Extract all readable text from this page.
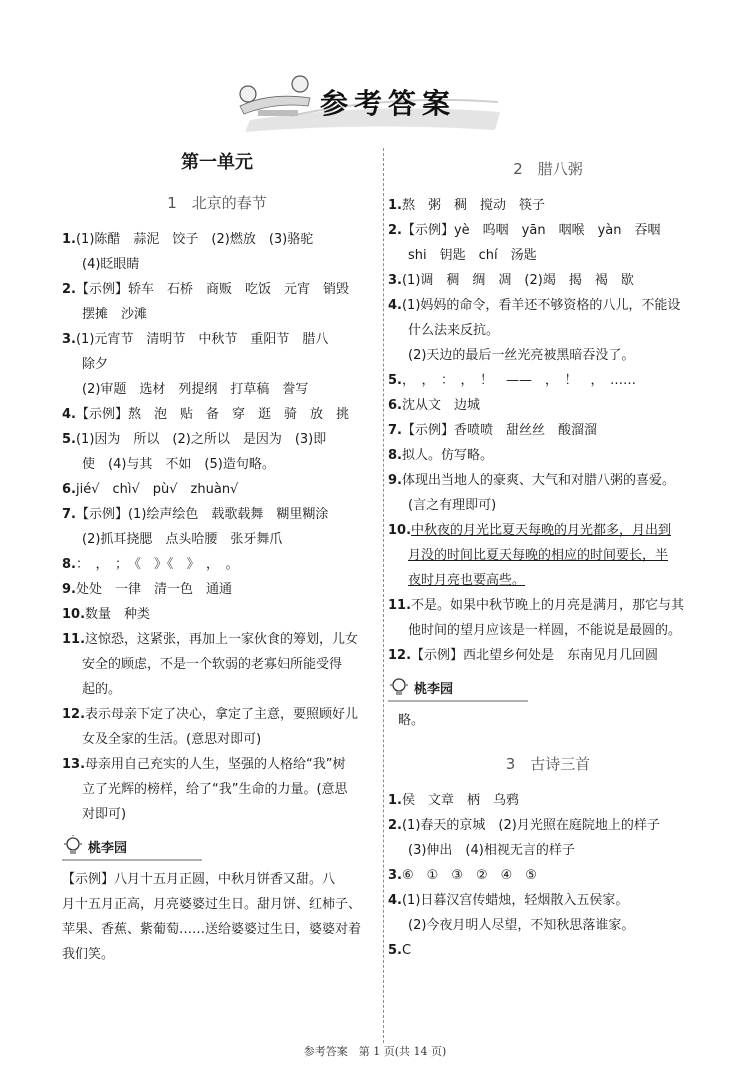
参考答案
第一单元
1　北京的春节
1.(1)陈醋　蒜泥　饺子　(2)燃放　(3)骆驼
(4)眨眼睛
2.【示例】轿车　石桥　商贩　吃饭　元宵　销毁
摆摊　沙滩
3.(1)元宵节　清明节　中秋节　重阳节　腊八
除夕
(2)审题　选材　列提纲　打草稿　誊写
4.【示例】熬　泡　贴　备　穿　逛　骑　放　挑
5.(1)因为　所以　(2)之所以　是因为　(3)即
使　(4)与其　不如　(5)造句略。
6.jié√　chì√　pù√　zhuàn√
7.【示例】(1)绘声绘色　载歌载舞　糊里糊涂
(2)抓耳挠腮　点头哈腰　张牙舞爪
8.：　，　；　《　》《　》　，　。
9.处处　一律　清一色　通通
10.数量　种类
11.这惊恐，这紧张，再加上一家伙食的筹划，儿女
安全的顾虑，不是一个软弱的老寡妇所能受得
起的。
12.表示母亲下定了决心，拿定了主意，要照顾好儿
女及全家的生活。(意思对即可)
13.母亲用自己充实的人生，坚强的人格给“我”树
立了光辉的榜样，给了“我”生命的力量。(意思
对即可)
桃李园
【示例】八月十五月正圆，中秋月饼香又甜。八
月十五月正高，月亮婆婆过生日。甜月饼、红柿子、
苹果、香蕉、紫葡萄……送给婆婆过生日，婆婆对着
我们笑。
2　腊八粥
1.熬　粥　稠　搅动　筷子
2.【示例】yè　呜咽　yān　咽喉　yàn　吞咽
shi　钥匙　chí　汤匙
3.(1)调　稠　绸　凋　(2)竭　揭　褐　歇
4.(1)妈妈的命令，看羊还不够资格的八儿，不能设
什么法来反抗。
(2)天边的最后一丝光亮被黑暗吞没了。
5.，　，　：　，　！　——　，　！　，　……
6.沈从文　边城
7.【示例】香喷喷　甜丝丝　酸溜溜
8.拟人。仿写略。
9.体现出当地人的豪爽、大气和对腊八粥的喜爱。
(言之有理即可)
10.中秋夜的月光比夏天每晚的月光都多，月出到
月没的时间比夏天每晚的相应的时间要长，半
夜时月亮也要高些。
11.不是。如果中秋节晚上的月亮是满月，那它与其
他时间的望月应该是一样圆，不能说是最圆的。
12.【示例】西北望乡何处是　东南见月几回圆
桃李园
略。
3　古诗三首
1.侯　文章　柄　乌鸦
2.(1)春天的京城　(2)月光照在庭院地上的样子
(3)伸出　(4)相视无言的样子
3.⑥　①　③　②　④　⑤
4.(1)日暮汉宫传蜡烛，轻烟散入五侯家。
(2)今夜月明人尽望，不知秋思落谁家。
5.C
参考答案　第 1 页(共 14 页)
